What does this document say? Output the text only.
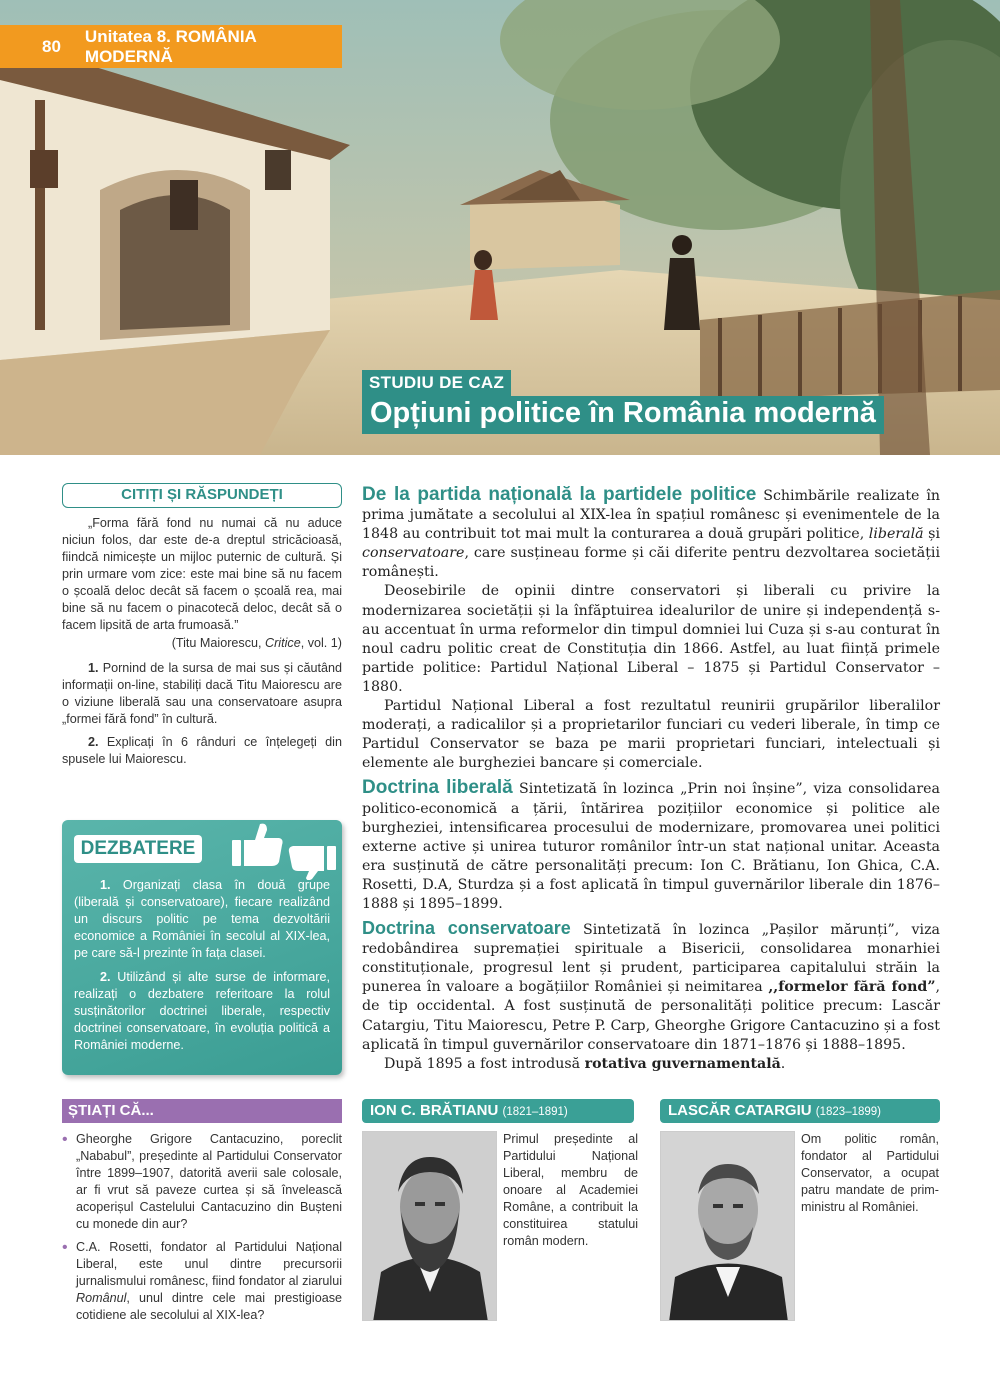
80
Unitatea 8. ROMÂNIA MODERNĂ
STUDIU DE CAZ
Opțiuni politice în România modernă
CITIȚI ȘI RĂSPUNDEȚI

„Forma fără fond nu numai că nu aduce niciun folos, dar este de-a dreptul stricăcioasă, fiindcă nimicește un mijloc puternic de cultură. Și prin urmare vom zice: este mai bine să nu facem o școală deloc decât să facem o școală rea, mai bine să nu facem o pinacotecă deloc, decât să o facem lipsită de arta frumoasă.”

(Titu Maiorescu, Critice, vol. 1)

1. Pornind de la sursa de mai sus și căutând informații on-line, stabiliți dacă Titu Maiorescu are o viziune liberală sau una conservatoare asupra „formei fără fond” în cultură.

2. Explicați în 6 rânduri ce înțelegeți din spusele lui Maiorescu.

DEZBATERE

1. Organizați clasa în două grupe (liberală și conservatoare), fiecare realizând un discurs politic pe tema dezvoltării economice a României în secolul al XIX-lea, pe care să-l prezinte în fața clasei.

2. Utilizând și alte surse de informare, realizați o dezbatere referitoare la rolul susținătorilor doctrinei liberale, respectiv doctrinei conservatoare, în evoluția politică a României moderne.

De la partida națională la partidele politice Schimbările realizate în prima jumătate a secolului al XIX-lea în spațiul românesc și evenimentele de la 1848 au contribuit tot mai mult la conturarea a două grupări politice, liberală și conservatoare, care susțineau forme și căi diferite pentru dezvoltarea societății românești.

Deosebirile de opinii dintre conservatori și liberali cu privire la modernizarea societății și la înfăptuirea idealurilor de unire și independență s-au accentuat în urma reformelor din timpul domniei lui Cuza și s-au conturat în noul cadru politic creat de Constituția din 1866. Astfel, au luat ființă primele partide politice: Partidul Național Liberal – 1875 și Partidul Conservator – 1880.

Partidul Național Liberal a fost rezultatul reunirii grupărilor liberalilor moderați, a radicalilor și a proprietarilor funciari cu vederi liberale, în timp ce Partidul Conservator se baza pe marii proprietari funciari, intelectuali și elemente ale burgheziei bancare și comerciale.

Doctrina liberală Sintetizată în lozinca „Prin noi înșine”, viza consolidarea politico-economică a țării, întărirea pozițiilor economice și politice ale burgheziei, intensificarea procesului de modernizare, promovarea unei politici externe active și unirea tuturor românilor într-un stat național unitar. Aceasta era susținută de către personalități precum: Ion C. Brătianu, Ion Ghica, C.A. Rosetti, D.A, Sturdza și a fost aplicată în timpul guvernărilor liberale din 1876–1888 și 1895–1899.

Doctrina conservatoare Sintetizată în lozinca „Pașilor mărunți”, viza redobândirea supremației spirituale a Bisericii, consolidarea monarhiei constituționale, progresul lent și prudent, participarea capitalului străin la punerea în valoare a bogățiilor României și neimitarea ,,formelor fără fond”, de tip occidental. A fost susținută de personalități politice precum: Lascăr Catargiu, Titu Maiorescu, Petre P. Carp, Gheorghe Grigore Cantacuzino și a fost aplicată în timpul guvernărilor conservatoare din 1871–1876 și 1888–1895.

După 1895 a fost introdusă rotativa guvernamentală.

ȘTIAȚI CĂ...
• Gheorghe Grigore Cantacuzino, poreclit „Nababul”, președinte al Partidului Conservator între 1899–1907, datorită averii sale colosale, ar fi vrut să paveze curtea și să învelească acoperișul Castelului Cantacuzino din Bușteni cu monede din aur?
• C.A. Rosetti, fondator al Partidului Național Liberal, este unul dintre precursorii jurnalismului românesc, fiind fondator al ziarului Românul, unul dintre cele mai prestigioase cotidiene ale secolului al XIX-lea?
ION C. BRĂTIANU (1821–1891)
Primul președinte al Partidului Național Liberal, membru de onoare al Academiei Române, a contribuit la constituirea statului român modern.
LASCĂR CATARGIU (1823–1899)
Om politic român, fondator al Partidului Conservator, a ocupat patru mandate de prim-ministru al României.
